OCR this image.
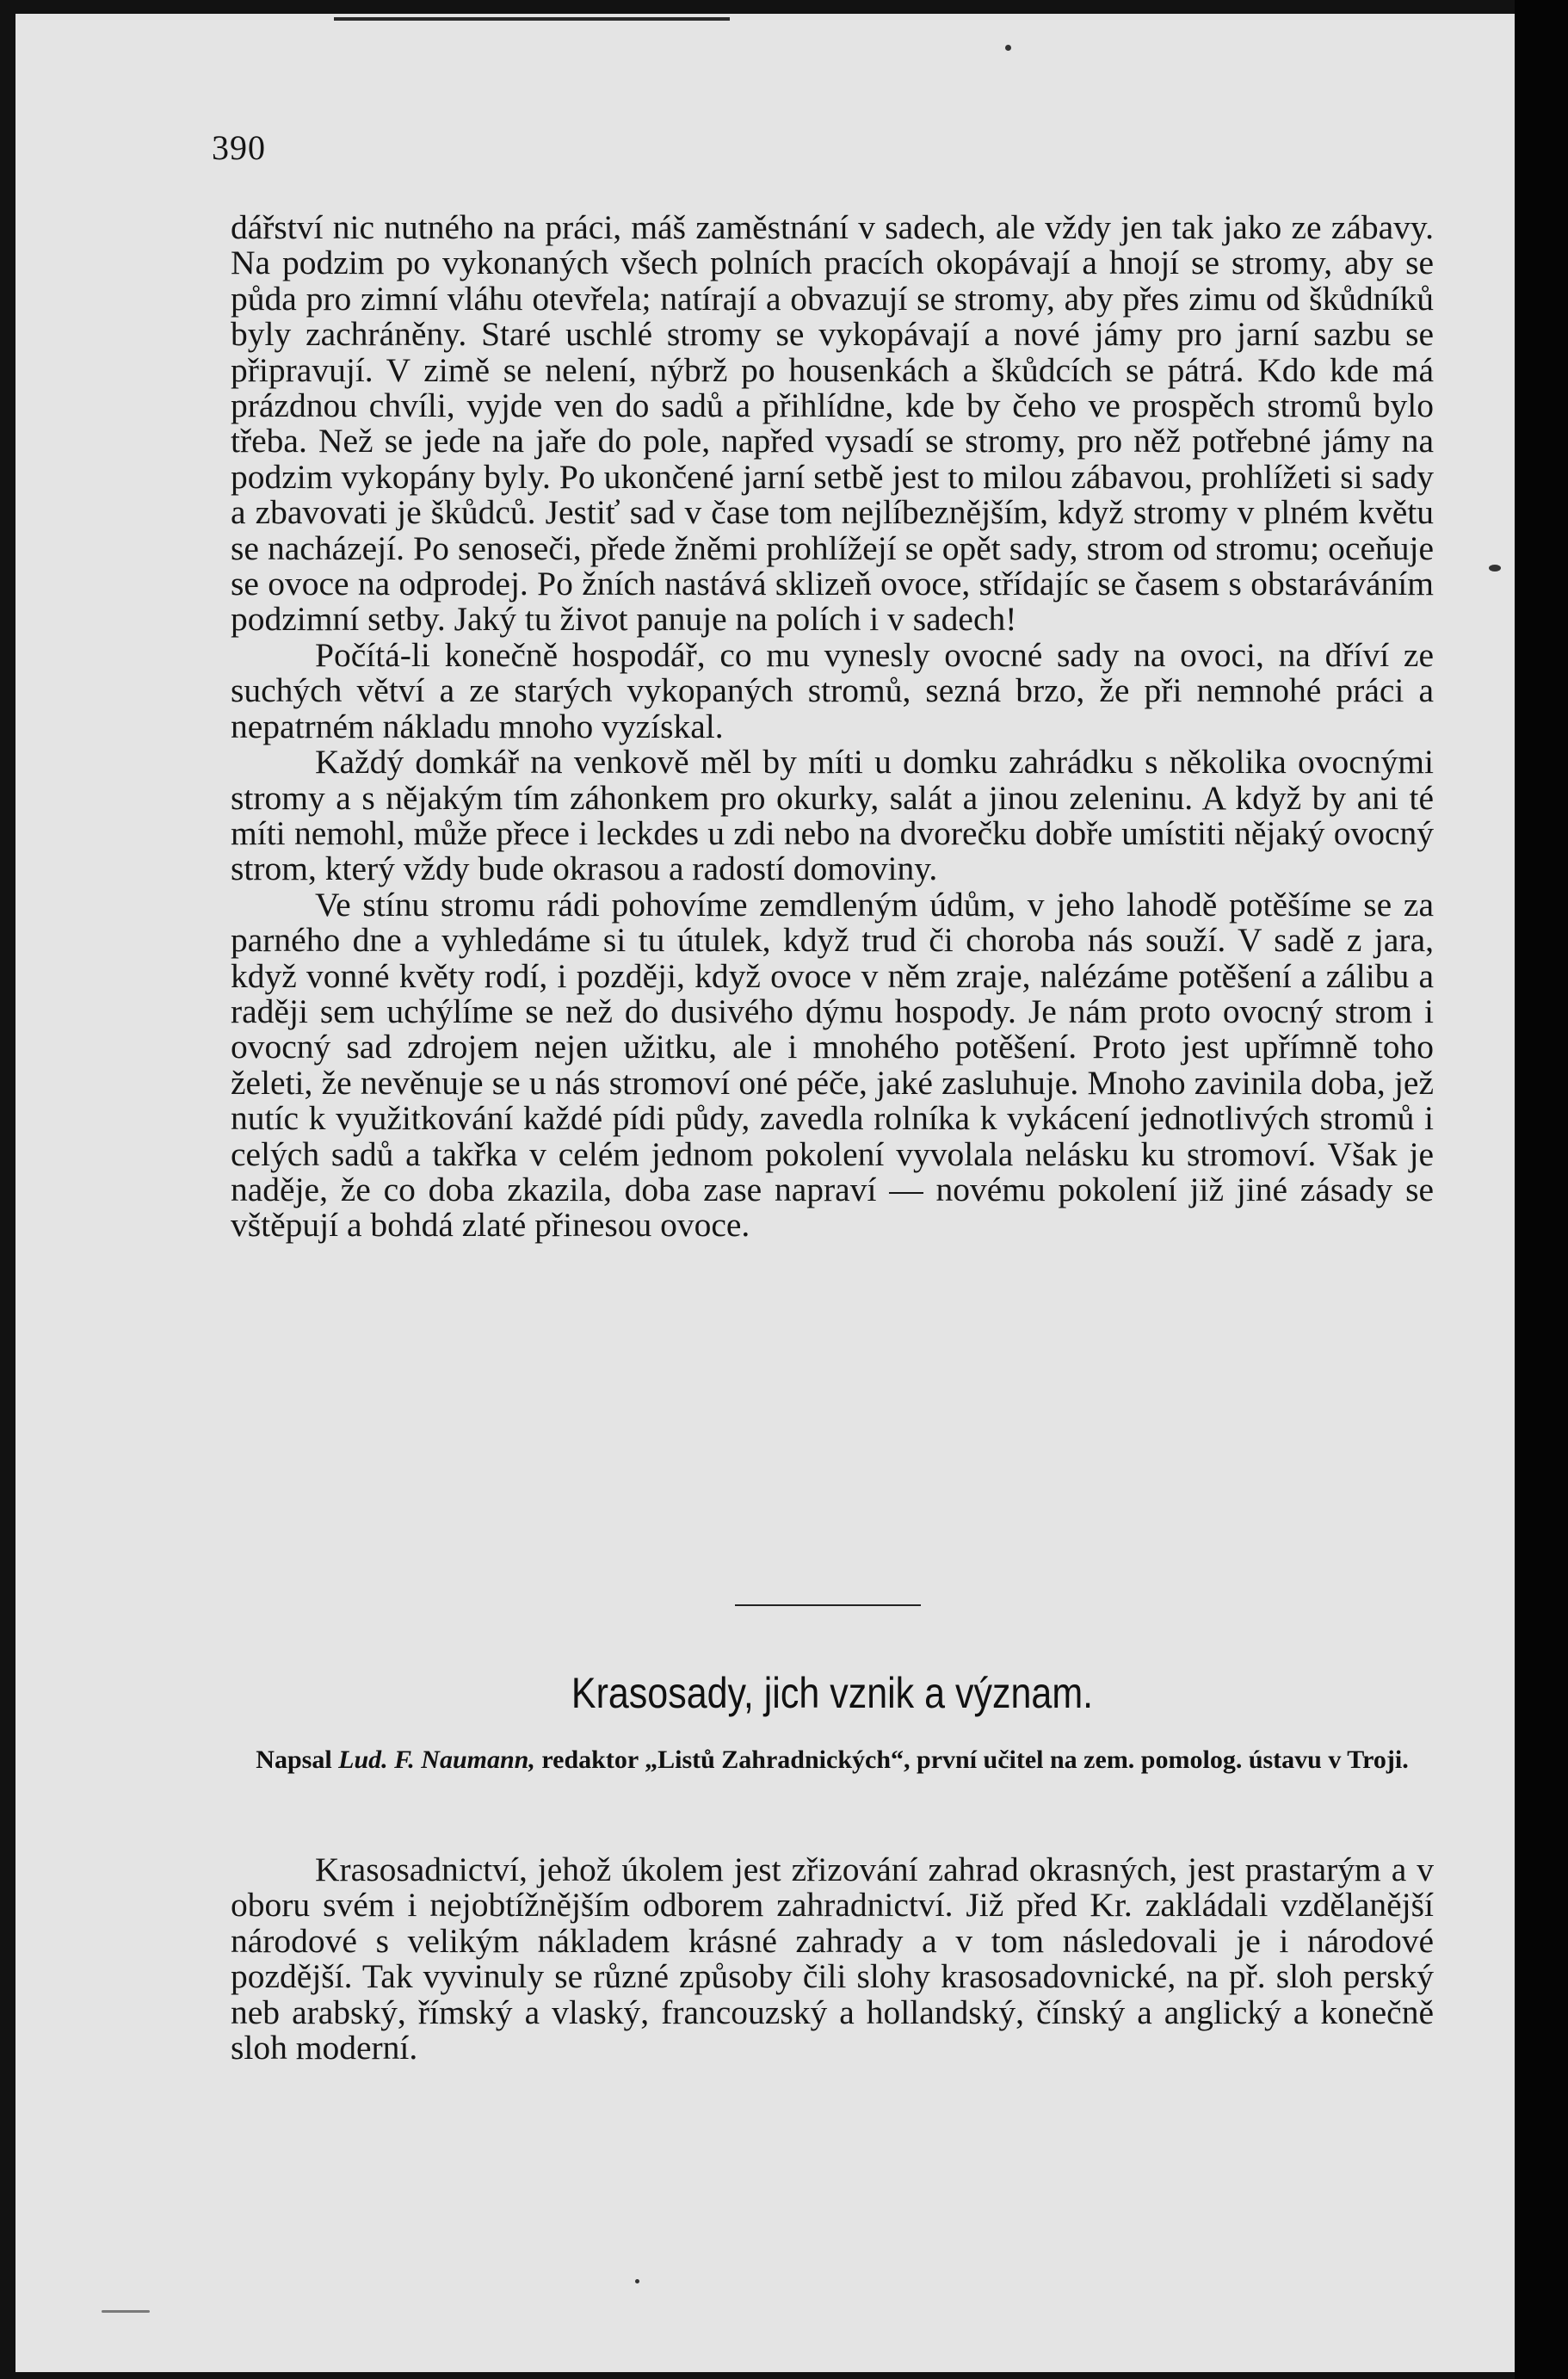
390

dářství nic nutného na práci, máš zaměstnání v sadech, ale vždy jen tak jako ze zábavy. Na podzim po vykonaných všech polních pracích okopávají a hnojí se stromy, aby se půda pro zimní vláhu otevřela; natírají a obvazují se stromy, aby přes zimu od škůdníků byly zachráněny. Staré uschlé stromy se vykopávají a nové jámy pro jarní sazbu se připravují. V zimě se nelení, nýbrž po housenkách a škůdcích se pátrá. Kdo kde má prázdnou chvíli, vyjde ven do sadů a přihlídne, kde by čeho ve prospěch stromů bylo třeba. Než se jede na jaře do pole, napřed vysadí se stromy, pro něž potřebné jámy na podzim vykopány byly. Po ukončené jarní setbě jest to milou zábavou, prohlížeti si sady a zbavovati je škůdců. Jestiť sad v čase tom nejlíbeznějším, když stromy v plném květu se nacházejí. Po senoseči, přede žněmi prohlížejí se opět sady, strom od stromu; oceňuje se ovoce na odprodej. Po žních nastává sklizeň ovoce, střídajíc se časem s obstaráváním podzimní setby. Jaký tu život panuje na polích i v sadech!

Počítá-li konečně hospodář, co mu vynesly ovocné sady na ovoci, na dříví ze suchých větví a ze starých vykopaných stromů, sezná brzo, že při nemnohé práci a nepatrném nákladu mnoho vyzískal.

Každý domkář na venkově měl by míti u domku zahrádku s několika ovocnými stromy a s nějakým tím záhonkem pro okurky, salát a jinou zeleninu. A když by ani té míti nemohl, může přece i leckdes u zdi nebo na dvorečku dobře umístiti nějaký ovocný strom, který vždy bude okrasou a radostí domoviny.

Ve stínu stromu rádi pohovíme zemdleným údům, v jeho lahodě potěšíme se za parného dne a vyhledáme si tu útulek, když trud či choroba nás souží. V sadě z jara, když vonné květy rodí, i později, když ovoce v něm zraje, nalézáme potěšení a zálibu a raději sem uchýlíme se než do dusivého dýmu hospody. Je nám proto ovocný strom i ovocný sad zdrojem nejen užitku, ale i mnohého potěšení. Proto jest upřímně toho želeti, že nevěnuje se u nás stromoví oné péče, jaké zasluhuje. Mnoho zavinila doba, jež nutíc k využitkování každé pídi půdy, zavedla rolníka k vykácení jednotlivých stromů i celých sadů a takřka v celém jednom pokolení vyvolala nelásku ku stromoví. Však je naděje, že co doba zkazila, doba zase napraví — novému pokolení již jiné zásady se vštěpují a bohdá zlaté přinesou ovoce.

Krasosady, jich vznik a význam.
Napsal Lud. F. Naumann, redaktor „Listů Zahradnických“, první učitel na zem. pomolog. ústavu v Troji.

Krasosadnictví, jehož úkolem jest zřizování zahrad okrasných, jest prastarým a v oboru svém i nejobtížnějším odborem zahradnictví. Již před Kr. zakládali vzdělanější národové s velikým nákladem krásné zahrady a v tom následovali je i národové pozdější. Tak vyvinuly se různé způsoby čili slohy krasosadovnické, na př. sloh perský neb arabský, římský a vlaský, francouzský a hollandský, čínský a anglický a konečně sloh moderní.
